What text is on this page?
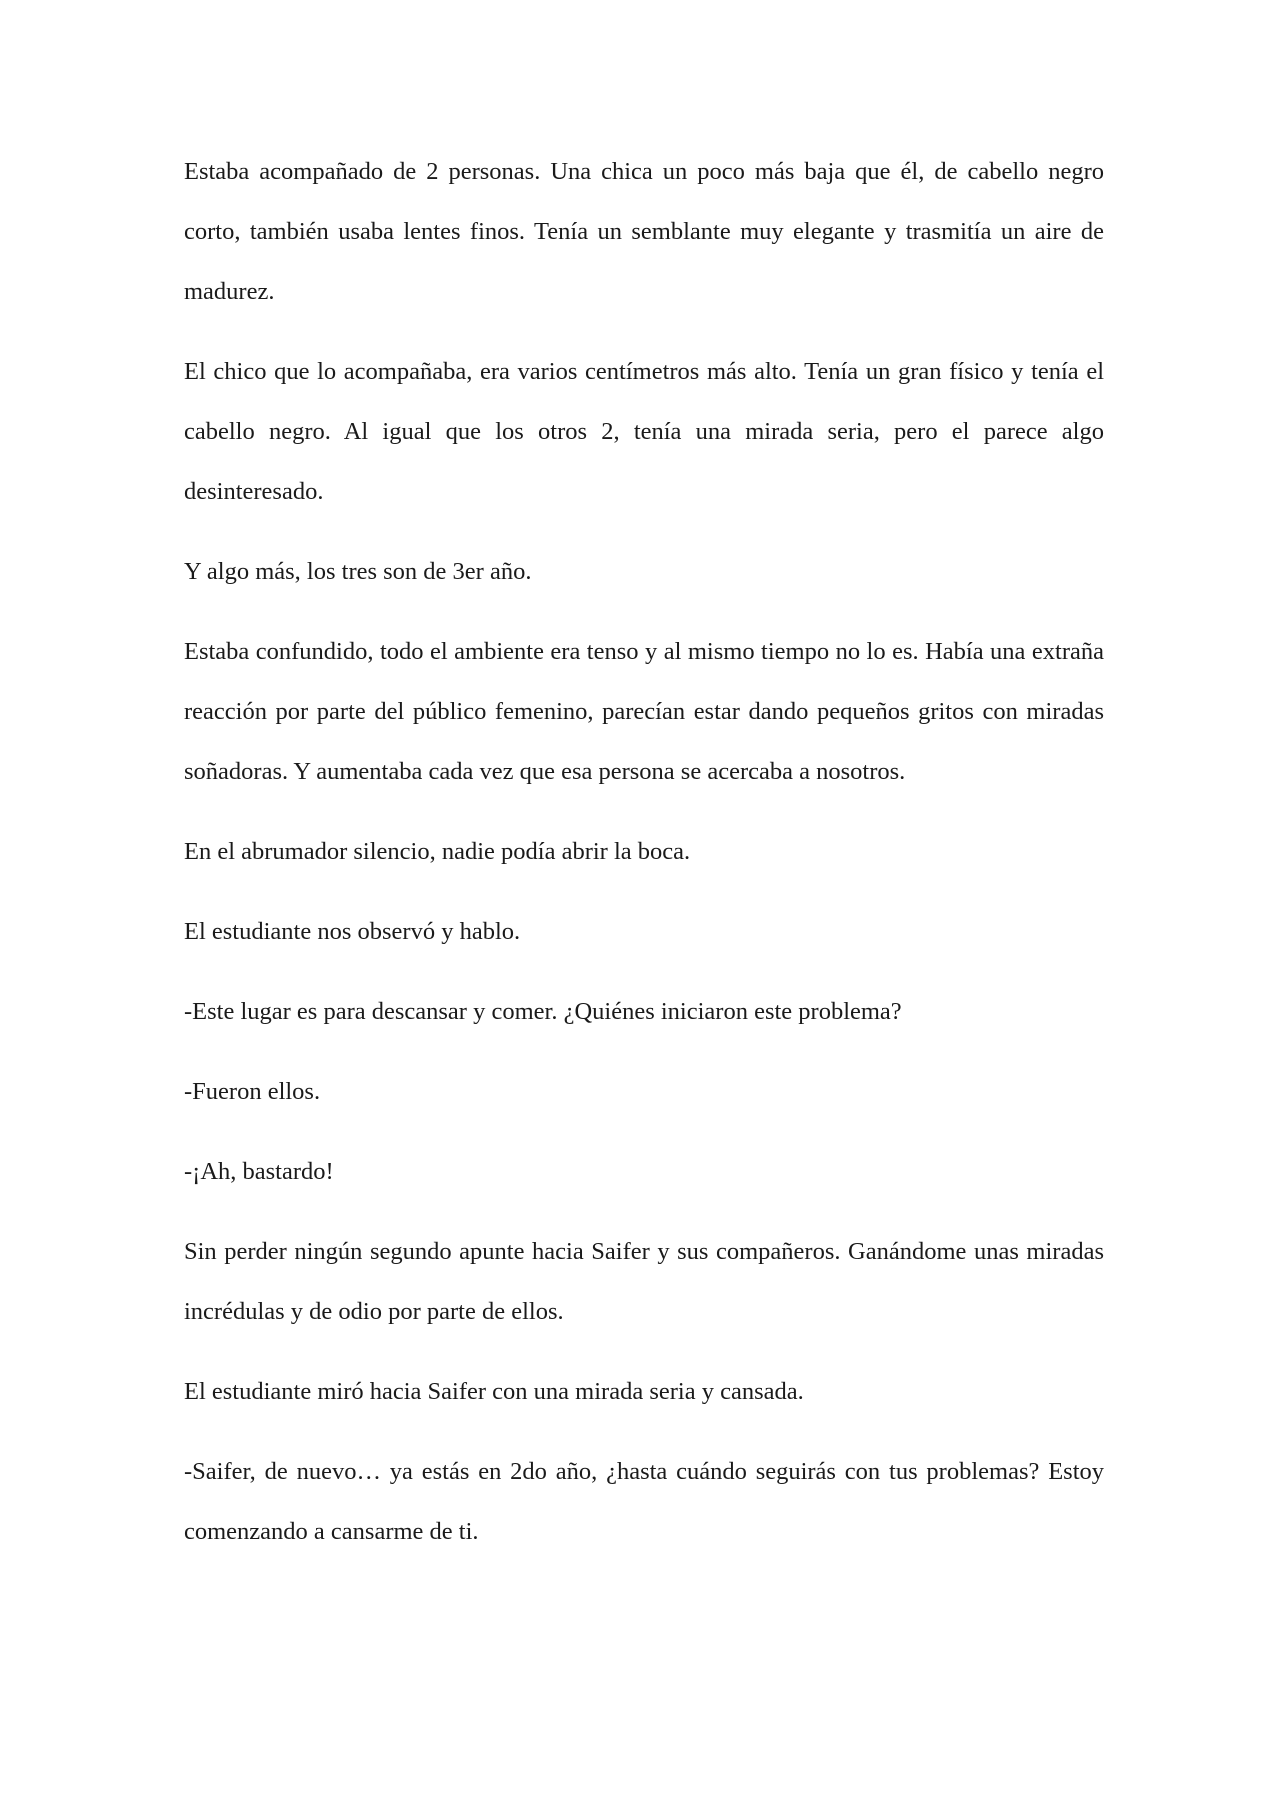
Estaba acompañado de 2 personas. Una chica un poco más baja que él, de cabello negro corto, también usaba lentes finos. Tenía un semblante muy elegante y trasmitía un aire de madurez.

El chico que lo acompañaba, era varios centímetros más alto. Tenía un gran físico y tenía el cabello negro. Al igual que los otros 2, tenía una mirada seria, pero el parece algo desinteresado.

Y algo más, los tres son de 3er año.

Estaba confundido, todo el ambiente era tenso y al mismo tiempo no lo es. Había una extraña reacción por parte del público femenino, parecían estar dando pequeños gritos con miradas soñadoras. Y aumentaba cada vez que esa persona se acercaba a nosotros.

En el abrumador silencio, nadie podía abrir la boca.

El estudiante nos observó y hablo.

-Este lugar es para descansar y comer. ¿Quiénes iniciaron este problema?

-Fueron ellos.

-¡Ah, bastardo!

Sin perder ningún segundo apunte hacia Saifer y sus compañeros. Ganándome unas miradas incrédulas y de odio por parte de ellos.

El estudiante miró hacia Saifer con una mirada seria y cansada.

-Saifer, de nuevo… ya estás en 2do año, ¿hasta cuándo seguirás con tus problemas? Estoy comenzando a cansarme de ti.
